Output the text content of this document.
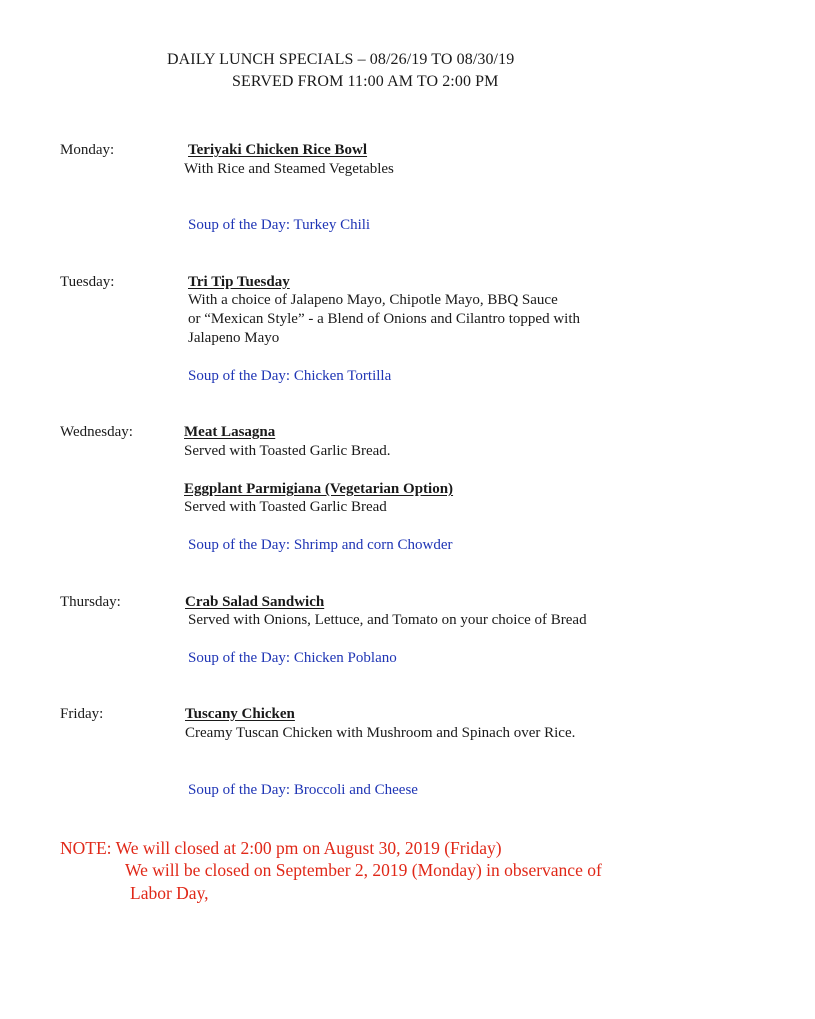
DAILY LUNCH SPECIALS – 08/26/19 TO 08/30/19
SERVED FROM 11:00 AM TO 2:00 PM
Monday:	Teriyaki Chicken Rice Bowl
With Rice and Steamed Vegetables
Soup of the Day: Turkey Chili
Tuesday:	Tri Tip Tuesday
With a choice of Jalapeno Mayo, Chipotle Mayo, BBQ Sauce
or “Mexican Style” - a Blend of Onions and Cilantro topped with
Jalapeno Mayo
Soup of the Day: Chicken Tortilla
Wednesday:	Meat Lasagna
Served with Toasted Garlic Bread.
Eggplant Parmigiana (Vegetarian Option)
Served with Toasted Garlic Bread
Soup of the Day: Shrimp and corn Chowder
Thursday:	Crab Salad Sandwich
Served with Onions, Lettuce, and Tomato on your choice of Bread
Soup of the Day: Chicken Poblano
Friday:	Tuscany Chicken
Creamy Tuscan Chicken with Mushroom and Spinach over Rice.
Soup of the Day: Broccoli and Cheese
NOTE: We will closed at 2:00 pm on August 30, 2019 (Friday)
We will be closed on September 2, 2019 (Monday) in observance of
Labor Day,
